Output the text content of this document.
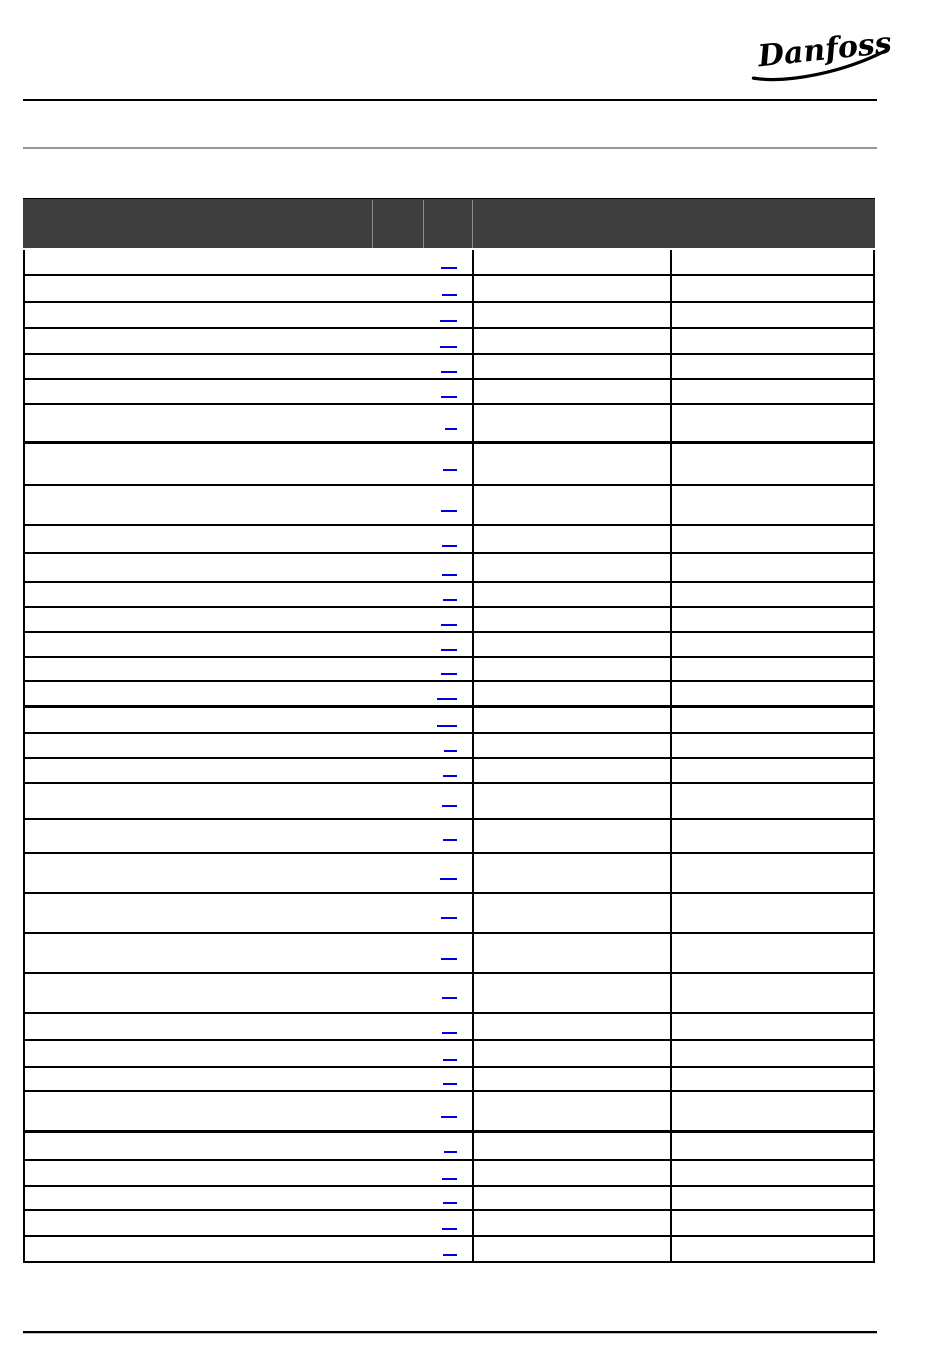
Danfoss
